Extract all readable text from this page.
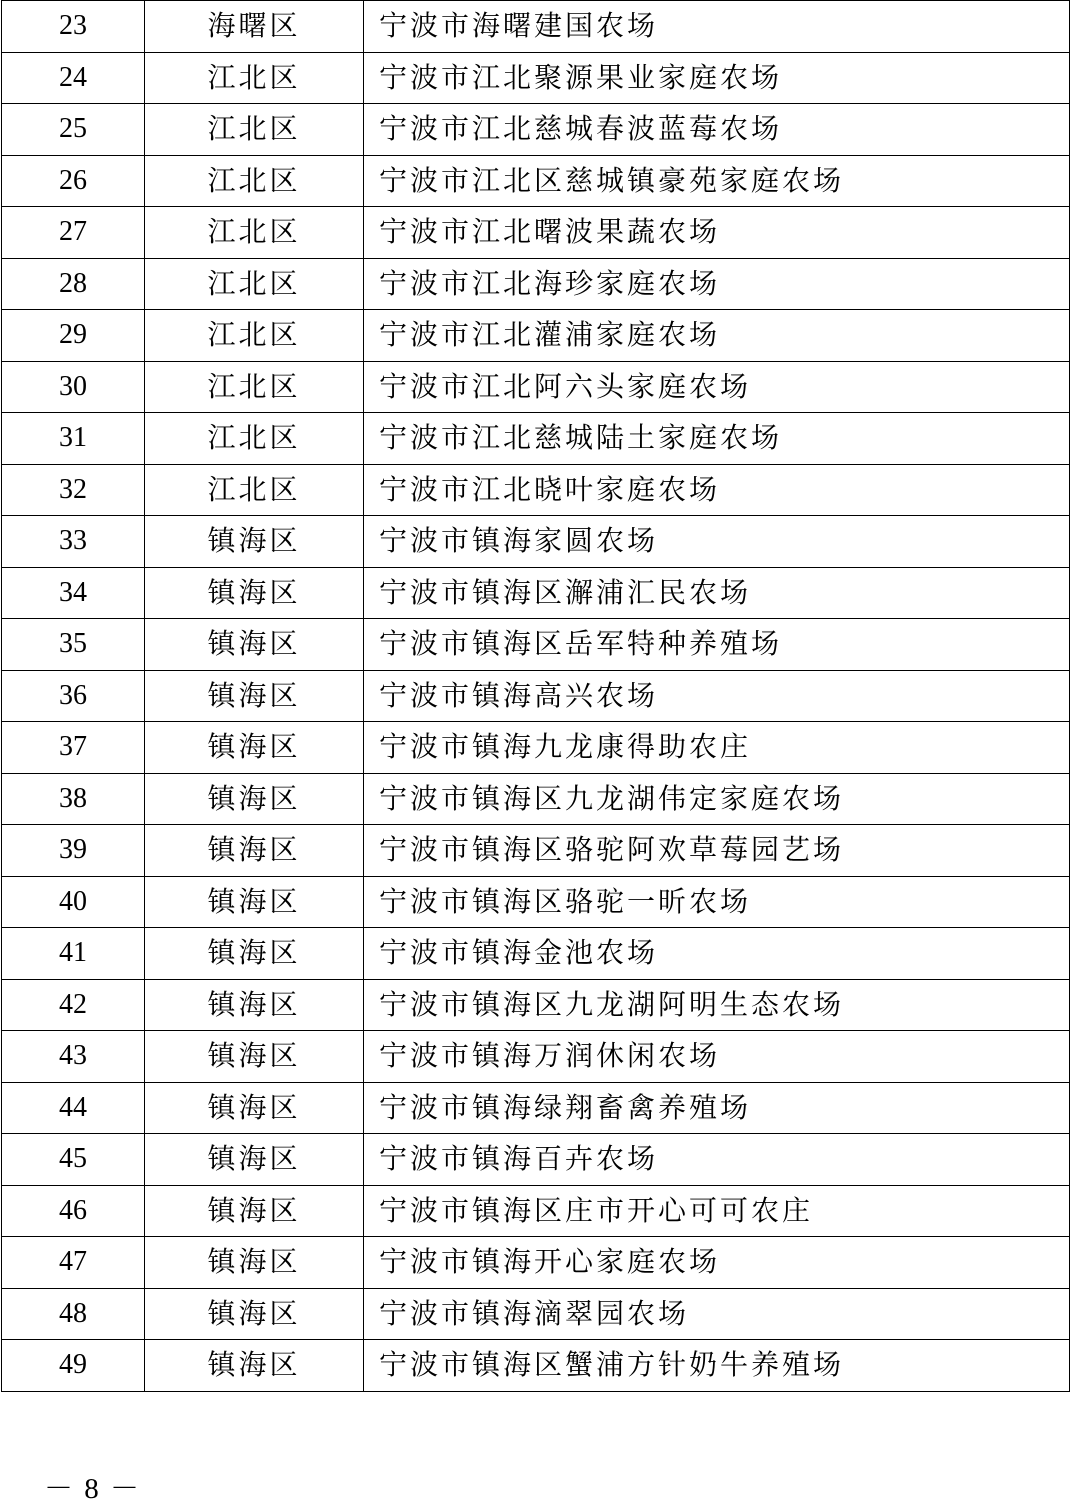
23	海曙区	宁波市海曙建国农场
24	江北区	宁波市江北聚源果业家庭农场
25	江北区	宁波市江北慈城春波蓝莓农场
26	江北区	宁波市江北区慈城镇豪苑家庭农场
27	江北区	宁波市江北曙波果蔬农场
28	江北区	宁波市江北海珍家庭农场
29	江北区	宁波市江北灌浦家庭农场
30	江北区	宁波市江北阿六头家庭农场
31	江北区	宁波市江北慈城陆土家庭农场
32	江北区	宁波市江北晓叶家庭农场
33	镇海区	宁波市镇海家圆农场
34	镇海区	宁波市镇海区澥浦汇民农场
35	镇海区	宁波市镇海区岳军特种养殖场
36	镇海区	宁波市镇海高兴农场
37	镇海区	宁波市镇海九龙康得助农庄
38	镇海区	宁波市镇海区九龙湖伟定家庭农场
39	镇海区	宁波市镇海区骆驼阿欢草莓园艺场
40	镇海区	宁波市镇海区骆驼一昕农场
41	镇海区	宁波市镇海金池农场
42	镇海区	宁波市镇海区九龙湖阿明生态农场
43	镇海区	宁波市镇海万润休闲农场
44	镇海区	宁波市镇海绿翔畜禽养殖场
45	镇海区	宁波市镇海百卉农场
46	镇海区	宁波市镇海区庄市开心可可农庄
47	镇海区	宁波市镇海开心家庭农场
48	镇海区	宁波市镇海滴翠园农场
49	镇海区	宁波市镇海区蟹浦方针奶牛养殖场
－ 8 －
